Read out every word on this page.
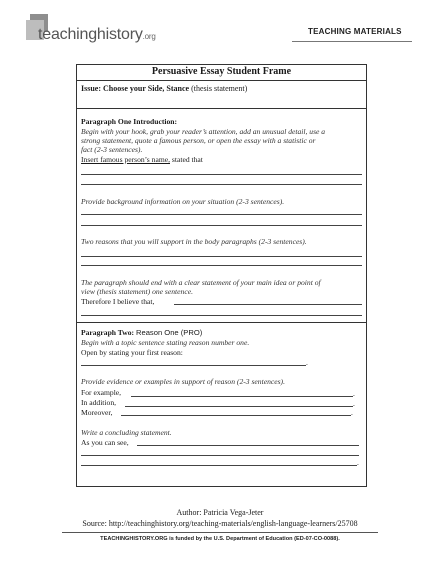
teachinghistory.org
TEACHING MATERIALS
Persuasive Essay Student Frame
Issue: Choose your Side, Stance (thesis statement)
Paragraph One Introduction:
Begin with your hook, grab your reader’s attention, add an unusual detail, use a
strong statement, quote a famous person, or open the essay with a statistic or
fact (2-3 sentences).
Insert famous person’s name, stated that
Provide background information on your situation (2-3 sentences).
Two reasons that you will support in the body paragraphs (2-3 sentences).
The paragraph should end with a clear statement of your main idea or point of
view (thesis statement) one sentence.
Therefore I believe that,
Paragraph Two: Reason One (PRO)
Begin with a topic sentence stating reason number one.
Open by stating your first reason:
.
Provide evidence or examples in support of reason (2-3 sentences).
For example,	.
In addition,	.
Moreover,	.
Write a concluding statement.
As you can see,
.
Author: Patricia Vega-Jeter
Source: http://teachinghistory.org/teaching-materials/english-language-learners/25708
TEACHINGHISTORY.ORG is funded by the U.S. Department of Education (ED-07-CO-0088).
